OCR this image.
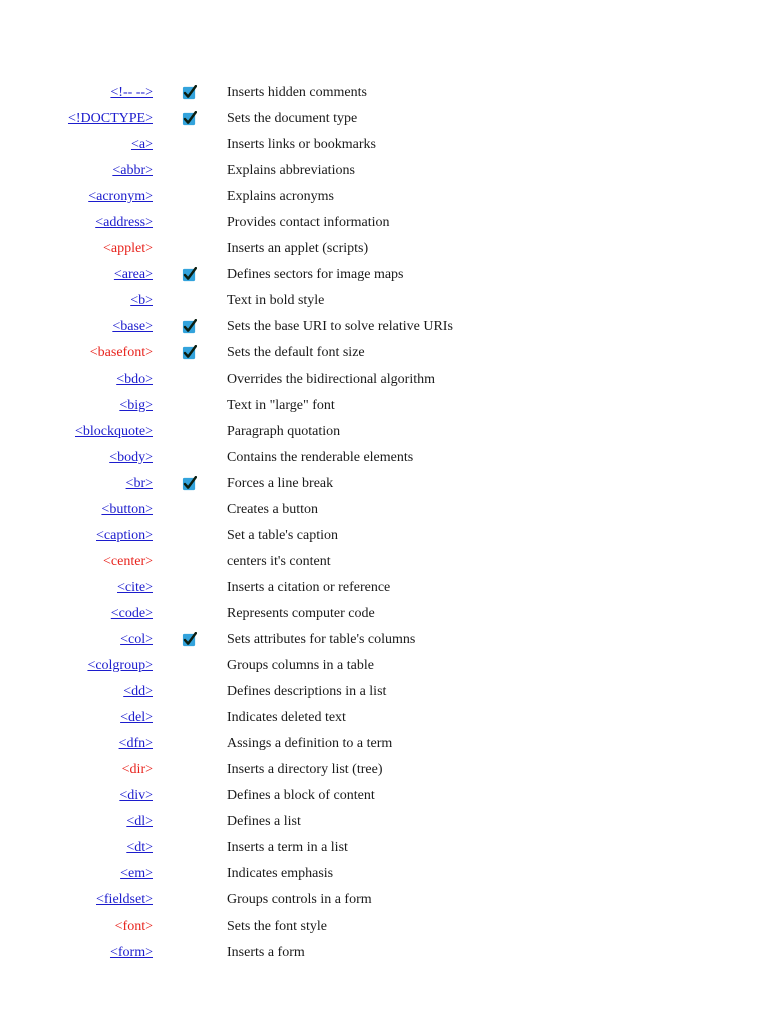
<!-- -->	Inserts hidden comments
<!DOCTYPE>	Sets the document type
<a>	Inserts links or bookmarks
<abbr>	Explains abbreviations
<acronym>	Explains acronyms
<address>	Provides contact information
<applet>	Inserts an applet (scripts)
<area>	Defines sectors for image maps
<b>	Text in bold style
<base>	Sets the base URI to solve relative URIs
<basefont>	Sets the default font size
<bdo>	Overrides the bidirectional algorithm
<big>	Text in "large" font
<blockquote>	Paragraph quotation
<body>	Contains the renderable elements
<br>	Forces a line break
<button>	Creates a button
<caption>	Set a table's caption
<center>	centers it's content
<cite>	Inserts a citation or reference
<code>	Represents computer code
<col>	Sets attributes for table's columns
<colgroup>	Groups columns in a table
<dd>	Defines descriptions in a list
<del>	Indicates deleted text
<dfn>	Assings a definition to a term
<dir>	Inserts a directory list (tree)
<div>	Defines a block of content
<dl>	Defines a list
<dt>	Inserts a term in a list
<em>	Indicates emphasis
<fieldset>	Groups controls in a form
<font>	Sets the font style
<form>	Inserts a form
